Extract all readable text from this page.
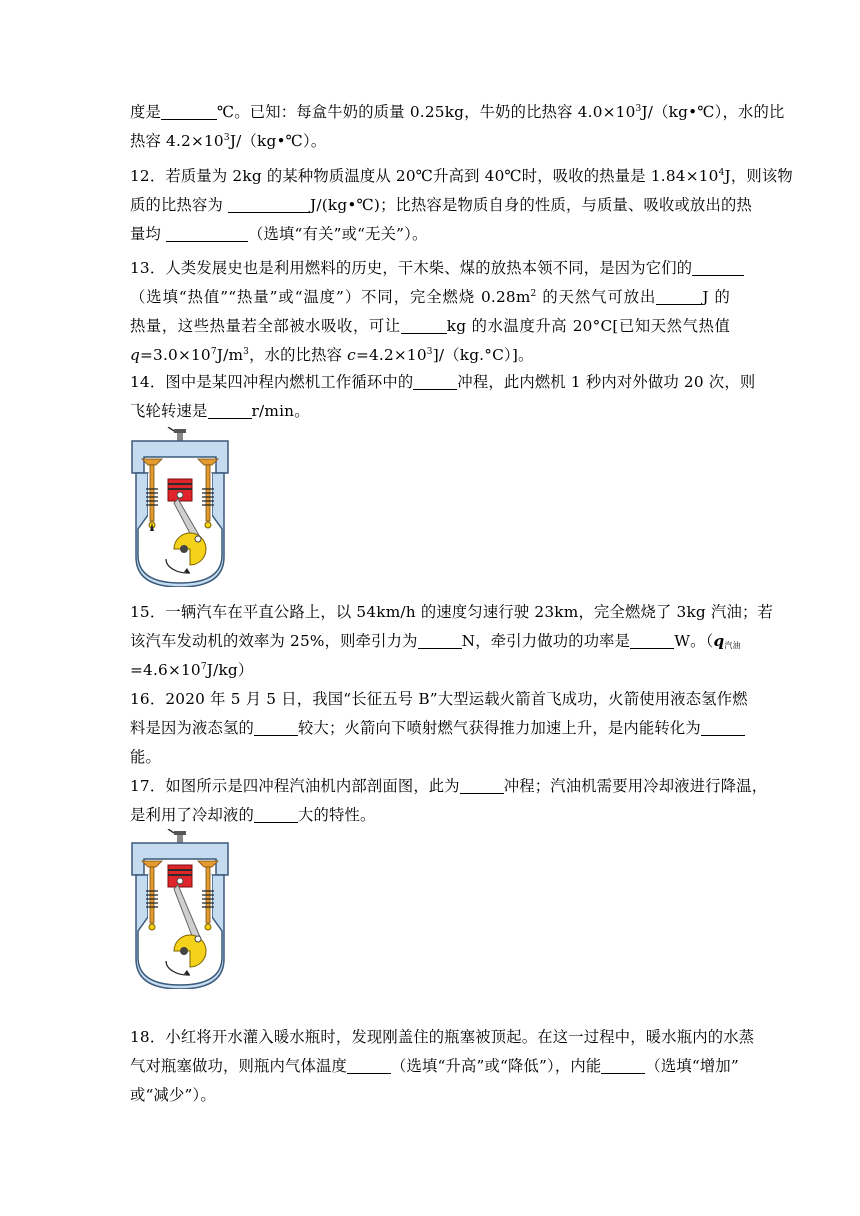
度是	℃。已知：每盒牛奶的质量 0.25kg，牛奶的比热容 $4.0\times 10^3J/(kg•℃)$，水的比
热容 $4.2\times 10^3J/(kg•℃)$。
12．若质量为 2kg 的某种物质温度从 20℃升高到 40℃时，吸收的热量是 $1.84\times 10^4J$，则该物
质的比热容为	J/(kg•℃)；比热容是物质自身的性质，与质量、吸收或放出的热
量均	（选填“有关”或“无关”）。
13．人类发展史也是利用燃料的历史，干木柴、煤的放热本领不同，是因为它们的
（选填“热值”“热量”或“温度”）不同，完全燃烧 $0.28m^2$ 的天然气可放出	J 的
热量，这些热量若全部被水吸收，可让	kg 的水温度升高 20°C[已知天然气热值
$q=3.0\times 10^7J/m^3$，水的比热容 $c=4.2\times 10^3]/(kg.^\circ C)$]。
14．图中是某四冲程内燃机工作循环中的	冲程，此内燃机 1 秒内对外做功 20 次，则
飞轮转速是	r/min。
15．一辆汽车在平直公路上，以 54km/h 的速度匀速行驶 23km，完全燃烧了 3kg 汽油；若
该汽车发动机的效率为 25%，则牵引力为	N，牵引力做功的功率是	W。（$q_{汽油}$
$=4.6\times 10^7J/kg$）
16．2020 年 5 月 5 日，我国“长征五号 B”大型运载火箭首飞成功，火箭使用液态氢作燃
料是因为液态氢的	较大；火箭向下喷射燃气获得推力加速上升，是内能转化为
能。
17．如图所示是四冲程汽油机内部剖面图，此为	冲程；汽油机需要用冷却液进行降温，
是利用了冷却液的	大的特性。
18．小红将开水灌入暖水瓶时，发现刚盖住的瓶塞被顶起。在这一过程中，暖水瓶内的水蒸
气对瓶塞做功，则瓶内气体温度	（选填“升高”或“降低”），内能	（选填“增加”
或“减少”）。
